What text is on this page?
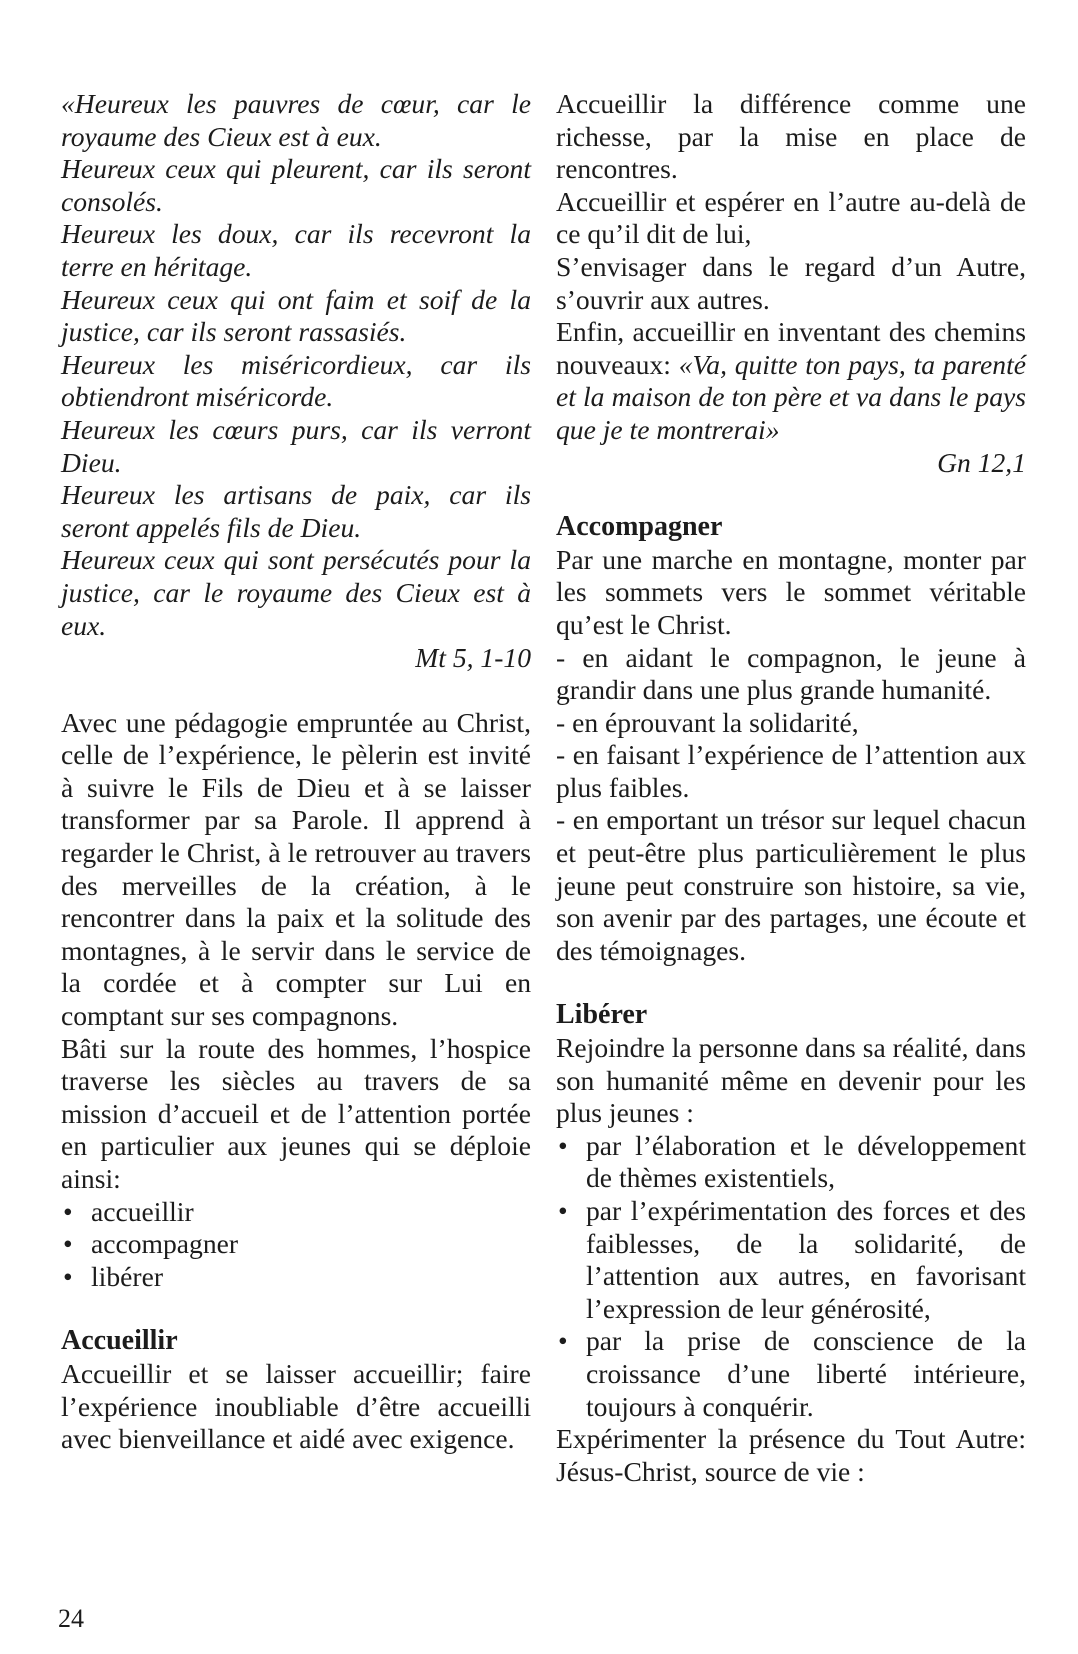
«Heureux les pauvres de cœur, car le royaume des Cieux est à eux.

Heureux ceux qui pleurent, car ils seront consolés.

Heureux les doux, car ils recevront la terre en héritage.

Heureux ceux qui ont faim et soif de la justice, car ils seront rassasiés.

Heureux les miséricordieux, car ils obtiendront miséricorde.

Heureux les cœurs purs, car ils verront Dieu.

Heureux les artisans de paix, car ils seront appelés fils de Dieu.

Heureux ceux qui sont persécutés pour la justice, car le royaume des Cieux est à eux.

Mt 5, 1-10

Avec une pédagogie empruntée au Christ, celle de l’expérience, le pèlerin est invité à suivre le Fils de Dieu et à se laisser transformer par sa Parole. Il apprend à regarder le Christ, à le retrouver au travers des merveilles de la création, à le rencontrer dans la paix et la solitude des montagnes, à le servir dans le service de la cordée et à compter sur Lui en comptant sur ses compagnons.

Bâti sur la route des hommes, l’hospice traverse les siècles au travers de sa mission d’accueil et de l’attention portée en particulier aux jeunes qui se déploie ainsi:

• accueillir
• accompagner
• libérer
Accueillir

Accueillir et se laisser accueillir; faire l’expérience inoubliable d’être accueilli avec bienveillance et aidé avec exigence.

Accueillir la différence comme une richesse, par la mise en place de rencontres.

Accueillir et espérer en l’autre au-delà de ce qu’il dit de lui,

S’envisager dans le regard d’un Autre, s’ouvrir aux autres.

Enfin, accueillir en inventant des chemins nouveaux: «Va, quitte ton pays, ta parenté et la maison de ton père et va dans le pays que je te montrerai»

Gn 12,1

Accompagner

Par une marche en montagne, monter par les sommets vers le sommet véritable qu’est le Christ.

- en aidant le compagnon, le jeune à grandir dans une plus grande humanité.

- en éprouvant la solidarité,

- en faisant l’expérience de l’attention aux plus faibles.

- en emportant un trésor sur lequel chacun et peut-être plus particulièrement le plus jeune peut construire son histoire, sa vie, son avenir par des partages, une écoute et des témoignages.

Libérer

Rejoindre la personne dans sa réalité, dans son humanité même en devenir pour les plus jeunes :

• par l’élaboration et le développement de thèmes existentiels,
• par l’expérimentation des forces et des faiblesses, de la solidarité, de l’attention aux autres, en favorisant l’expression de leur générosité,
• par la prise de conscience de la croissance d’une liberté intérieure, toujours à conquérir.

Expérimenter la présence du Tout Autre: Jésus-Christ, source de vie :

24
